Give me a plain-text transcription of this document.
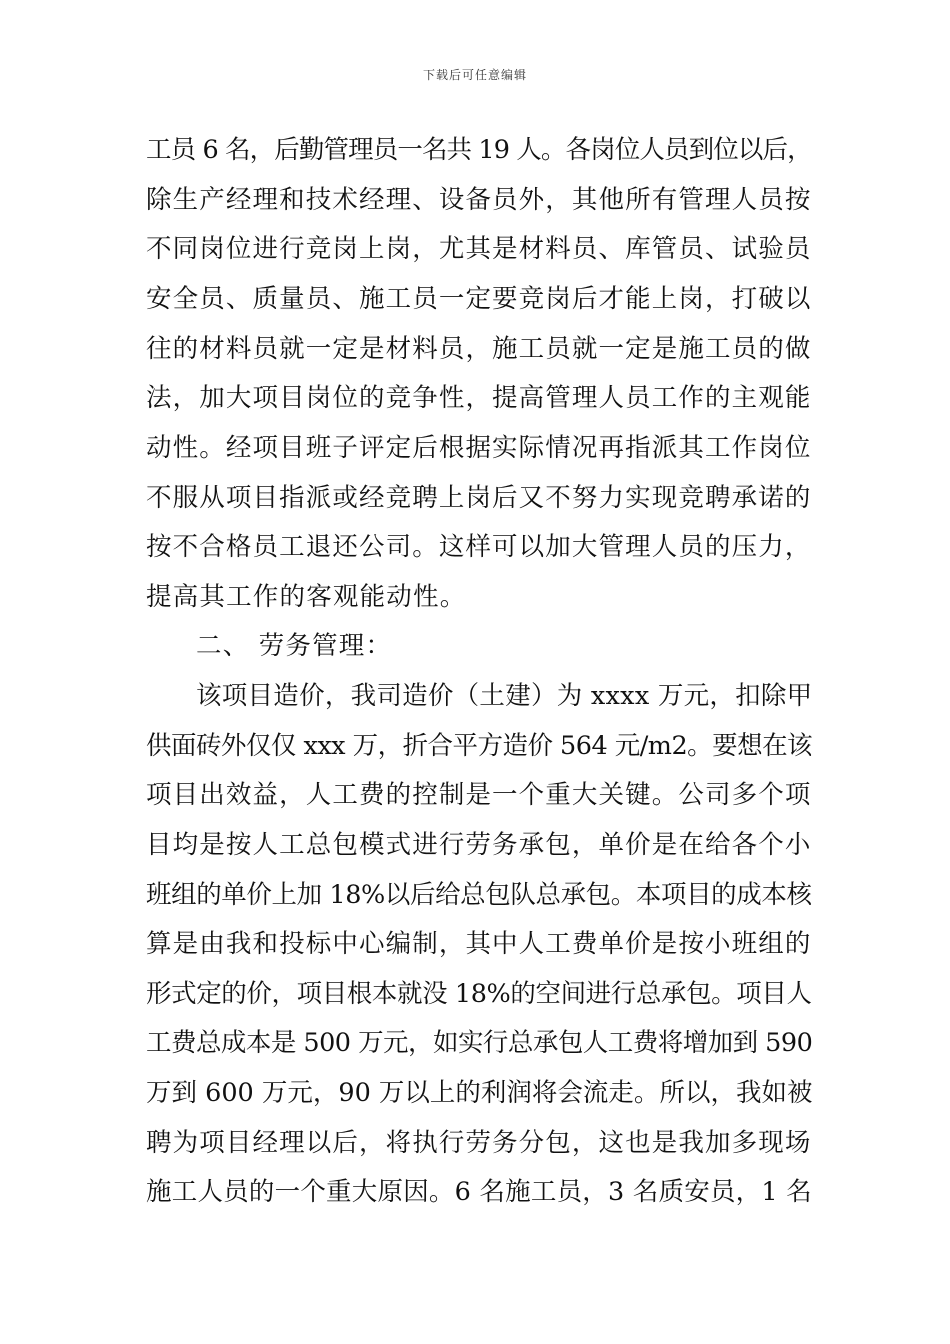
下载后可任意编辑
工员 6 名，后勤管理员一名共 19 人。各岗位人员到位以后，
除生产经理和技术经理、设备员外，其他所有管理人员按
不同岗位进行竞岗上岗，尤其是材料员、库管员、试验员
安全员、质量员、施工员一定要竞岗后才能上岗，打破以
往的材料员就一定是材料员，施工员就一定是施工员的做
法，加大项目岗位的竞争性，提高管理人员工作的主观能
动性。经项目班子评定后根据实际情况再指派其工作岗位
不服从项目指派或经竞聘上岗后又不努力实现竞聘承诺的
按不合格员工退还公司。这样可以加大管理人员的压力，
提高其工作的客观能动性。
二、 劳务管理：
该项目造价，我司造价（土建）为 xxxx 万元，扣除甲
供面砖外仅仅 xxx 万，折合平方造价 564 元/m2。要想在该
项目出效益，人工费的控制是一个重大关键。公司多个项
目均是按人工总包模式进行劳务承包，单价是在给各个小
班组的单价上加 18%以后给总包队总承包。本项目的成本核
算是由我和投标中心编制，其中人工费单价是按小班组的
形式定的价，项目根本就没 18%的空间进行总承包。项目人
工费总成本是 500 万元，如实行总承包人工费将增加到 590
万到 600 万元，90 万以上的利润将会流走。所以，我如被
聘为项目经理以后，将执行劳务分包，这也是我加多现场
施工人员的一个重大原因。6 名施工员，3 名质安员，1 名
